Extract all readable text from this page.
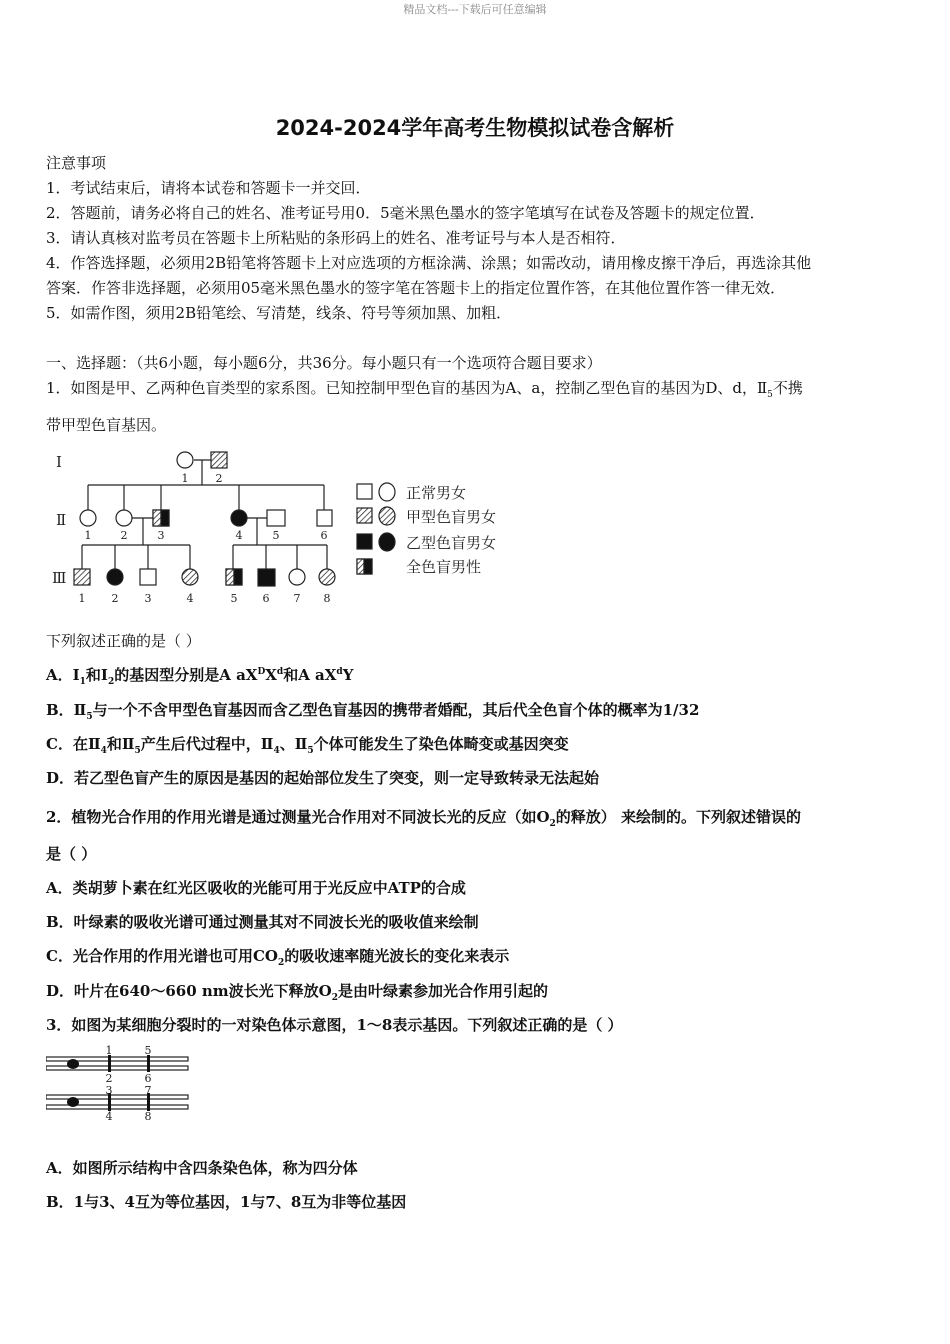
精品文档---下载后可任意编辑
2024-2024学年高考生物模拟试卷含解析
注意事项
1．考试结束后，请将本试卷和答题卡一并交回．
2．答题前，请务必将自己的姓名、准考证号用0．5毫米黑色墨水的签字笔填写在试卷及答题卡的规定位置．
3．请认真核对监考员在答题卡上所粘贴的条形码上的姓名、准考证号与本人是否相符．
4．作答选择题，必须用2B铅笔将答题卡上对应选项的方框涂满、涂黑；如需改动，请用橡皮擦干净后，再选涂其他
答案．作答非选择题，必须用05毫米黑色墨水的签字笔在答题卡上的指定位置作答，在其他位置作答一律无效．
5．如需作图，须用2B铅笔绘、写清楚，线条、符号等须加黑、加粗．
一、选择题：（共6小题，每小题6分，共36分。每小题只有一个选项符合题目要求）
1．如图是甲、乙两种色盲类型的家系图。已知控制甲型色盲的基因为A、a，控制乙型色盲的基因为D、d，$Ⅱ_5$不携
带甲型色盲基因。
Ⅰ
Ⅱ
Ⅲ
1 2
1	2	3	4	5	6
1 2 3	4	5 6 7 8
正常男女
甲型色盲男女
乙型色盲男女
全色盲男性
下列叙述正确的是（ ）
A．$Ⅰ_1$和$Ⅰ_2$的基因型分别是A $aX^DX^d$和A $aX^dY$
B．$Ⅱ_5$与一个不含甲型色盲基因而含乙型色盲基因的携带者婚配，其后代全色盲个体的概率为1/32
C．在$Ⅱ_4$和$Ⅱ_5$产生后代过程中，$Ⅱ_4$、$Ⅱ_5$个体可能发生了染色体畸变或基因突变
D．若乙型色盲产生的原因是基因的起始部位发生了突变，则一定导致转录无法起始
2．植物光合作用的作用光谱是通过测量光合作用对不同波长光的反应（如$O_2$的释放） 来绘制的。下列叙述错误的
是（ ）
A．类胡萝卜素在红光区吸收的光能可用于光反应中ATP的合成
B．叶绿素的吸收光谱可通过测量其对不同波长光的吸收值来绘制
C．光合作用的作用光谱也可用$CO_2$的吸收速率随光波长的变化来表示
D．叶片在640～660 nm波长光下释放$O_2$是由叶绿素参加光合作用引起的
3．如图为某细胞分裂时的一对染色体示意图，1～8表示基因。下列叙述正确的是（ ）
1	5
2	6
3	7
4	8
A．如图所示结构中含四条染色体，称为四分体
B．1与3、4互为等位基因，1与7、8互为非等位基因
